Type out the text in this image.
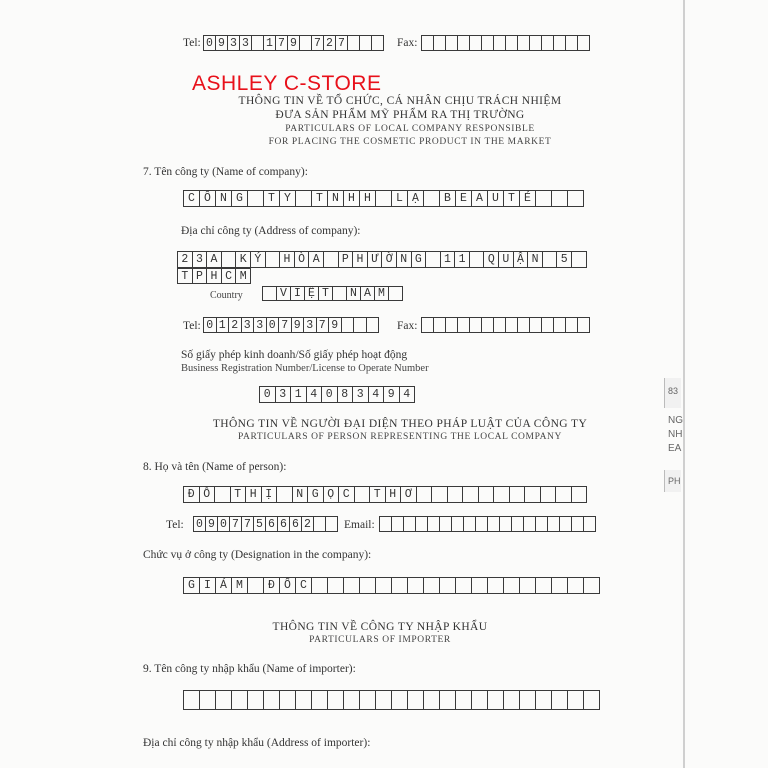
Tel: 0 9 3 3 1 7 9 7 2 7	Fax:
ASHLEY C-STORE
THÔNG TIN VỀ TỔ CHỨC, CÁ NHÂN CHỊU TRÁCH NHIỆM
ĐƯA SẢN PHẨM MỸ PHẨM RA THỊ TRƯỜNG
PARTICULARS OF LOCAL COMPANY RESPONSIBLE
FOR PLACING THE COSMETIC PRODUCT IN THE MARKET
7. Tên công ty (Name of company):
C Ô N G	T Y	T N H H	L Ạ	B E A U T É
Địa chỉ công ty (Address of company):
2 3 A	K Ý	H Ò A	P H Ư Ờ N G	1 1	Q U Ậ N	5
T P H C M
Country	V I Ệ T	N A M
Tel: 0 1 2 3 3 0 7 9 3 7 9	Fax:
Số giấy phép kinh doanh/Số giấy phép hoạt động
Business Registration Number/License to Operate Number
0 3 1 4 0 8 3 4 9 4
THÔNG TIN VỀ NGƯỜI ĐẠI DIỆN THEO PHÁP LUẬT CỦA CÔNG TY
PARTICULARS OF PERSON REPRESENTING THE LOCAL COMPANY
8. Họ và tên (Name of person):
Đ Ỗ	T H Ị	N G Ọ C	T H Ơ
Tel: 0 9 0 7 7 5 6 6 6 2	Email:
Chức vụ ở công ty (Designation in the company):
G I Á M	Đ Ố C
THÔNG TIN VỀ CÔNG TY NHẬP KHẨU
PARTICULARS OF IMPORTER
9. Tên công ty nhập khẩu (Name of importer):
Địa chỉ công ty nhập khẩu (Address of importer):
83
NG
NH
EA
PH
